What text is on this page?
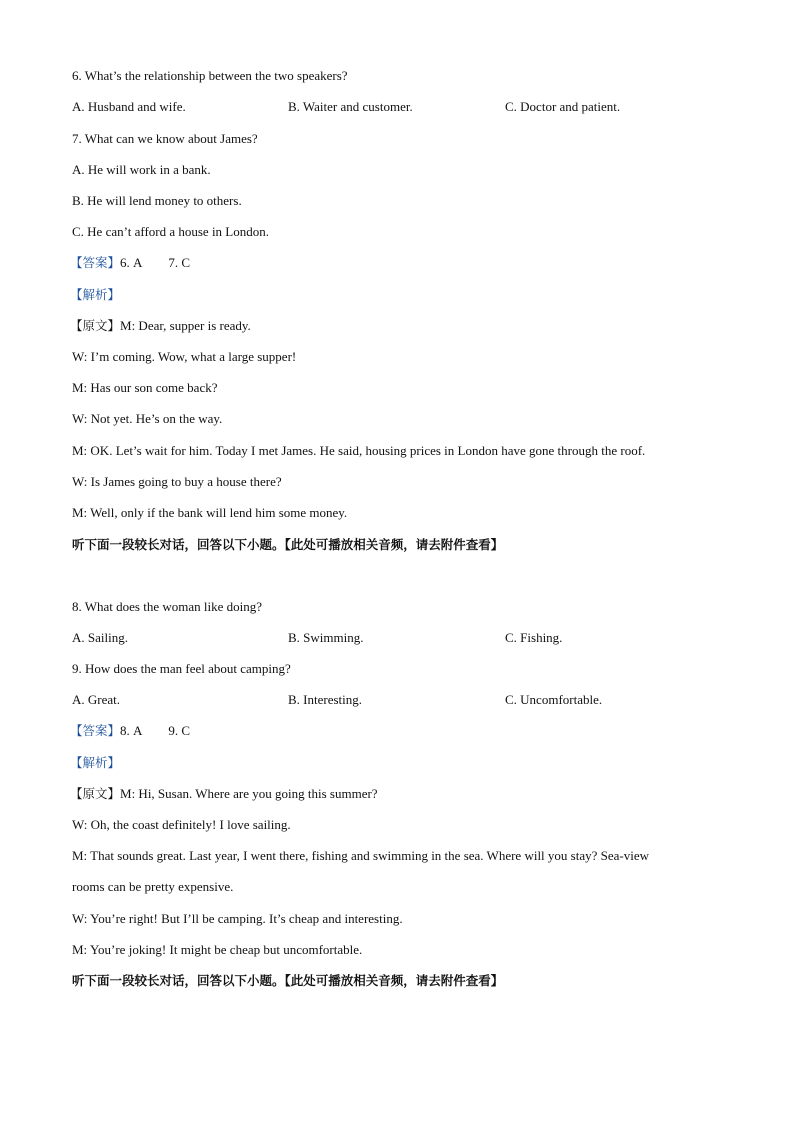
6. What’s the relationship between the two speakers?
A. Husband and wife.	B. Waiter and customer.	C. Doctor and patient.
7. What can we know about James?
A. He will work in a bank.
B. He will lend money to others.
C. He can’t afford a house in London.
【答案】6. A 7. C
【解析】
【原文】M: Dear, supper is ready.
W: I’m coming. Wow, what a large supper!
M: Has our son come back?
W: Not yet. He’s on the way.
M: OK. Let’s wait for him. Today I met James. He said, housing prices in London have gone through the roof.
W: Is James going to buy a house there?
M: Well, only if the bank will lend him some money.
听下面一段较长对话，回答以下小题。【此处可播放相关音频，请去附件查看】
8. What does the woman like doing?
A. Sailing.	B. Swimming.	C. Fishing.
9. How does the man feel about camping?
A. Great.	B. Interesting.	C. Uncomfortable.
【答案】8. A 9. C
【解析】
【原文】M: Hi, Susan. Where are you going this summer?
W: Oh, the coast definitely! I love sailing.
M: That sounds great. Last year, I went there, fishing and swimming in the sea. Where will you stay? Sea-view
rooms can be pretty expensive.
W: You’re right! But I’ll be camping. It’s cheap and interesting.
M: You’re joking! It might be cheap but uncomfortable.
听下面一段较长对话，回答以下小题。【此处可播放相关音频，请去附件查看】
